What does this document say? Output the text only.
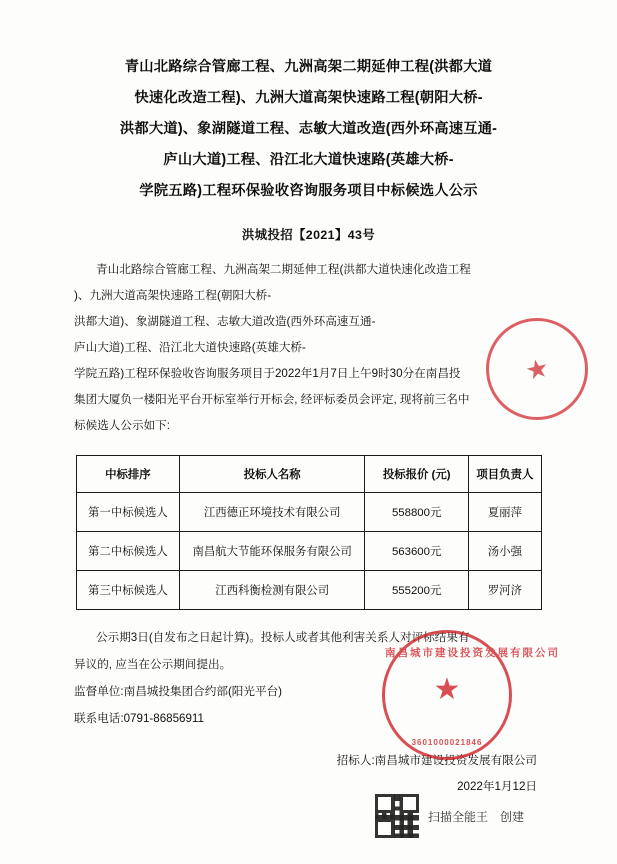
青山北路综合管廊工程、九洲高架二期延伸工程(洪都大道
快速化改造工程)、九洲大道高架快速路工程(朝阳大桥-
洪都大道)、象湖隧道工程、志敏大道改造(西外环高速互通-
庐山大道)工程、沿江北大道快速路(英雄大桥-
学院五路)工程环保验收咨询服务项目中标候选人公示
洪城投招【2021】43号
青山北路综合管廊工程、九洲高架二期延伸工程(洪都大道快速化改造工程
)、九洲大道高架快速路工程(朝阳大桥-
洪都大道)、象湖隧道工程、志敏大道改造(西外环高速互通-
庐山大道)工程、沿江北大道快速路(英雄大桥-
学院五路)工程环保验收咨询服务项目于2022年1月7日上午9时30分在南昌投
集团大厦负一楼阳光平台开标室举行开标会, 经评标委员会评定, 现将前三名中
标候选人公示如下:
中标排序	投标人名称	投标报价 (元)	项目负责人
第一中标候选人	江西德正环境技术有限公司	558800元	夏丽萍
第二中标候选人	南昌航大节能环保服务有限公司	563600元	汤小强
第三中标候选人	江西科衡检测有限公司	555200元	罗河济
公示期3日(自发布之日起计算)。投标人或者其他利害关系人对评标结果有
异议的, 应当在公示期间提出。
监督单位:南昌城投集团合约部(阳光平台)
联系电话:0791-86856911
招标人:南昌城市建设投资发展有限公司
2022年1月12日
★
南昌城市建设投资发展有限公司
★
3601000021846
扫描全能王 创建
